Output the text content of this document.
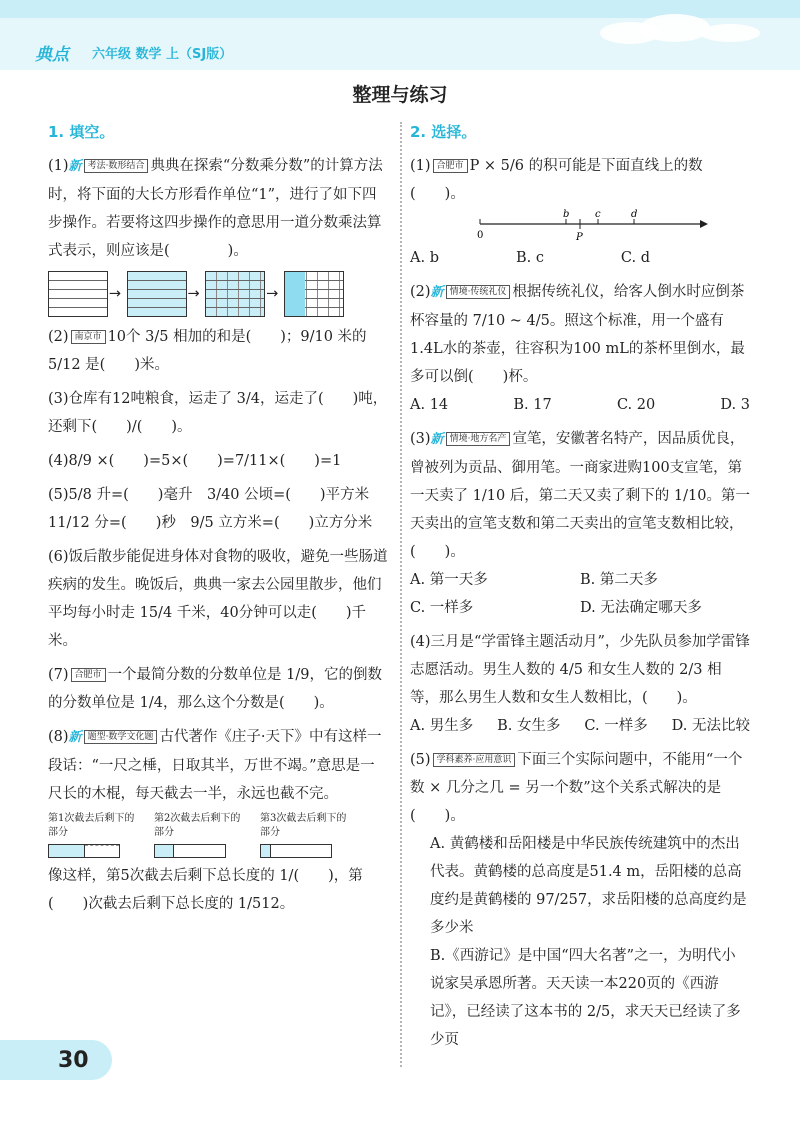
典点 六年级 数学 上（SJ版）
整理与练习
1. 填空。
(1)新 考法·数形结合 典典在探索“分数乘分数”的计算方法时，将下面的大长方形看作单位“1”，进行了如下四步操作。若要将这四步操作的意思用一道分数乘法算式表示，则应该是(　　　　)。
→	→	→
(2) 南京市 10个 3/5 相加的和是(　　)；9/10 米的 5/12 是(　　)米。
(3)仓库有12吨粮食，运走了 3/4，运走了(　　)吨，还剩下(　　)/(　　)。
(4)8/9 ×(　　)=5×(　　)=7/11×(　　)=1
(5)5/8 升=(　　)毫升　3/40 公顷=(　　)平方米　11/12 分=(　　)秒　9/5 立方米=(　　)立方分米
(6)饭后散步能促进身体对食物的吸收，避免一些肠道疾病的发生。晚饭后，典典一家去公园里散步，他们平均每小时走 15/4 千米，40分钟可以走(　　)千米。
(7) 合肥市 一个最简分数的分数单位是 1/9，它的倒数的分数单位是 1/4，那么这个分数是(　　)。
(8)新 题型·数学文化题 古代著作《庄子·天下》中有这样一段话：“一尺之棰，日取其半，万世不竭。”意思是一尺长的木棍，每天截去一半，永远也截不完。
第1次截去后剩下的部分
第2次截去后剩下的部分
第3次截去后剩下的部分
像这样，第5次截去后剩下总长度的 1/(　　)，第(　　)次截去后剩下总长度的 1/512。
2. 选择。
(1) 合肥市 P × 5/6 的积可能是下面直线上的数(　　)。
0
b
P
c	d
A. b	B. c	C. d
(2)新 情境·传统礼仪 根据传统礼仪，给客人倒水时应倒茶杯容量的 7/10 ~ 4/5。照这个标准，用一个盛有1.4L水的茶壶，往容积为100 mL的茶杯里倒水，最多可以倒(　　)杯。
A. 14	B. 17	C. 20	D. 3
(3)新 情境·地方名产 宣笔，安徽著名特产，因品质优良，曾被列为贡品、御用笔。一商家进购100支宣笔，第一天卖了 1/10 后，第二天又卖了剩下的 1/10。第一天卖出的宣笔支数和第二天卖出的宣笔支数相比较，(　　)。
A. 第一天多	B. 第二天多
C. 一样多	D. 无法确定哪天多
(4)三月是“学雷锋主题活动月”，少先队员参加学雷锋志愿活动。男生人数的 4/5 和女生人数的 2/3 相等，那么男生人数和女生人数相比，(　　)。
A. 男生多 B. 女生多 C. 一样多 D. 无法比较
(5) 学科素养·应用意识 下面三个实际问题中，不能用“一个数 × 几分之几 = 另一个数”这个关系式解决的是(　　)。
A. 黄鹤楼和岳阳楼是中华民族传统建筑中的杰出代表。黄鹤楼的总高度是51.4 m，岳阳楼的总高度约是黄鹤楼的 97/257，求岳阳楼的总高度约是多少米
B.《西游记》是中国“四大名著”之一，为明代小说家吴承恩所著。天天读一本220页的《西游记》，已经读了这本书的 2/5，求天天已经读了多少页
30
